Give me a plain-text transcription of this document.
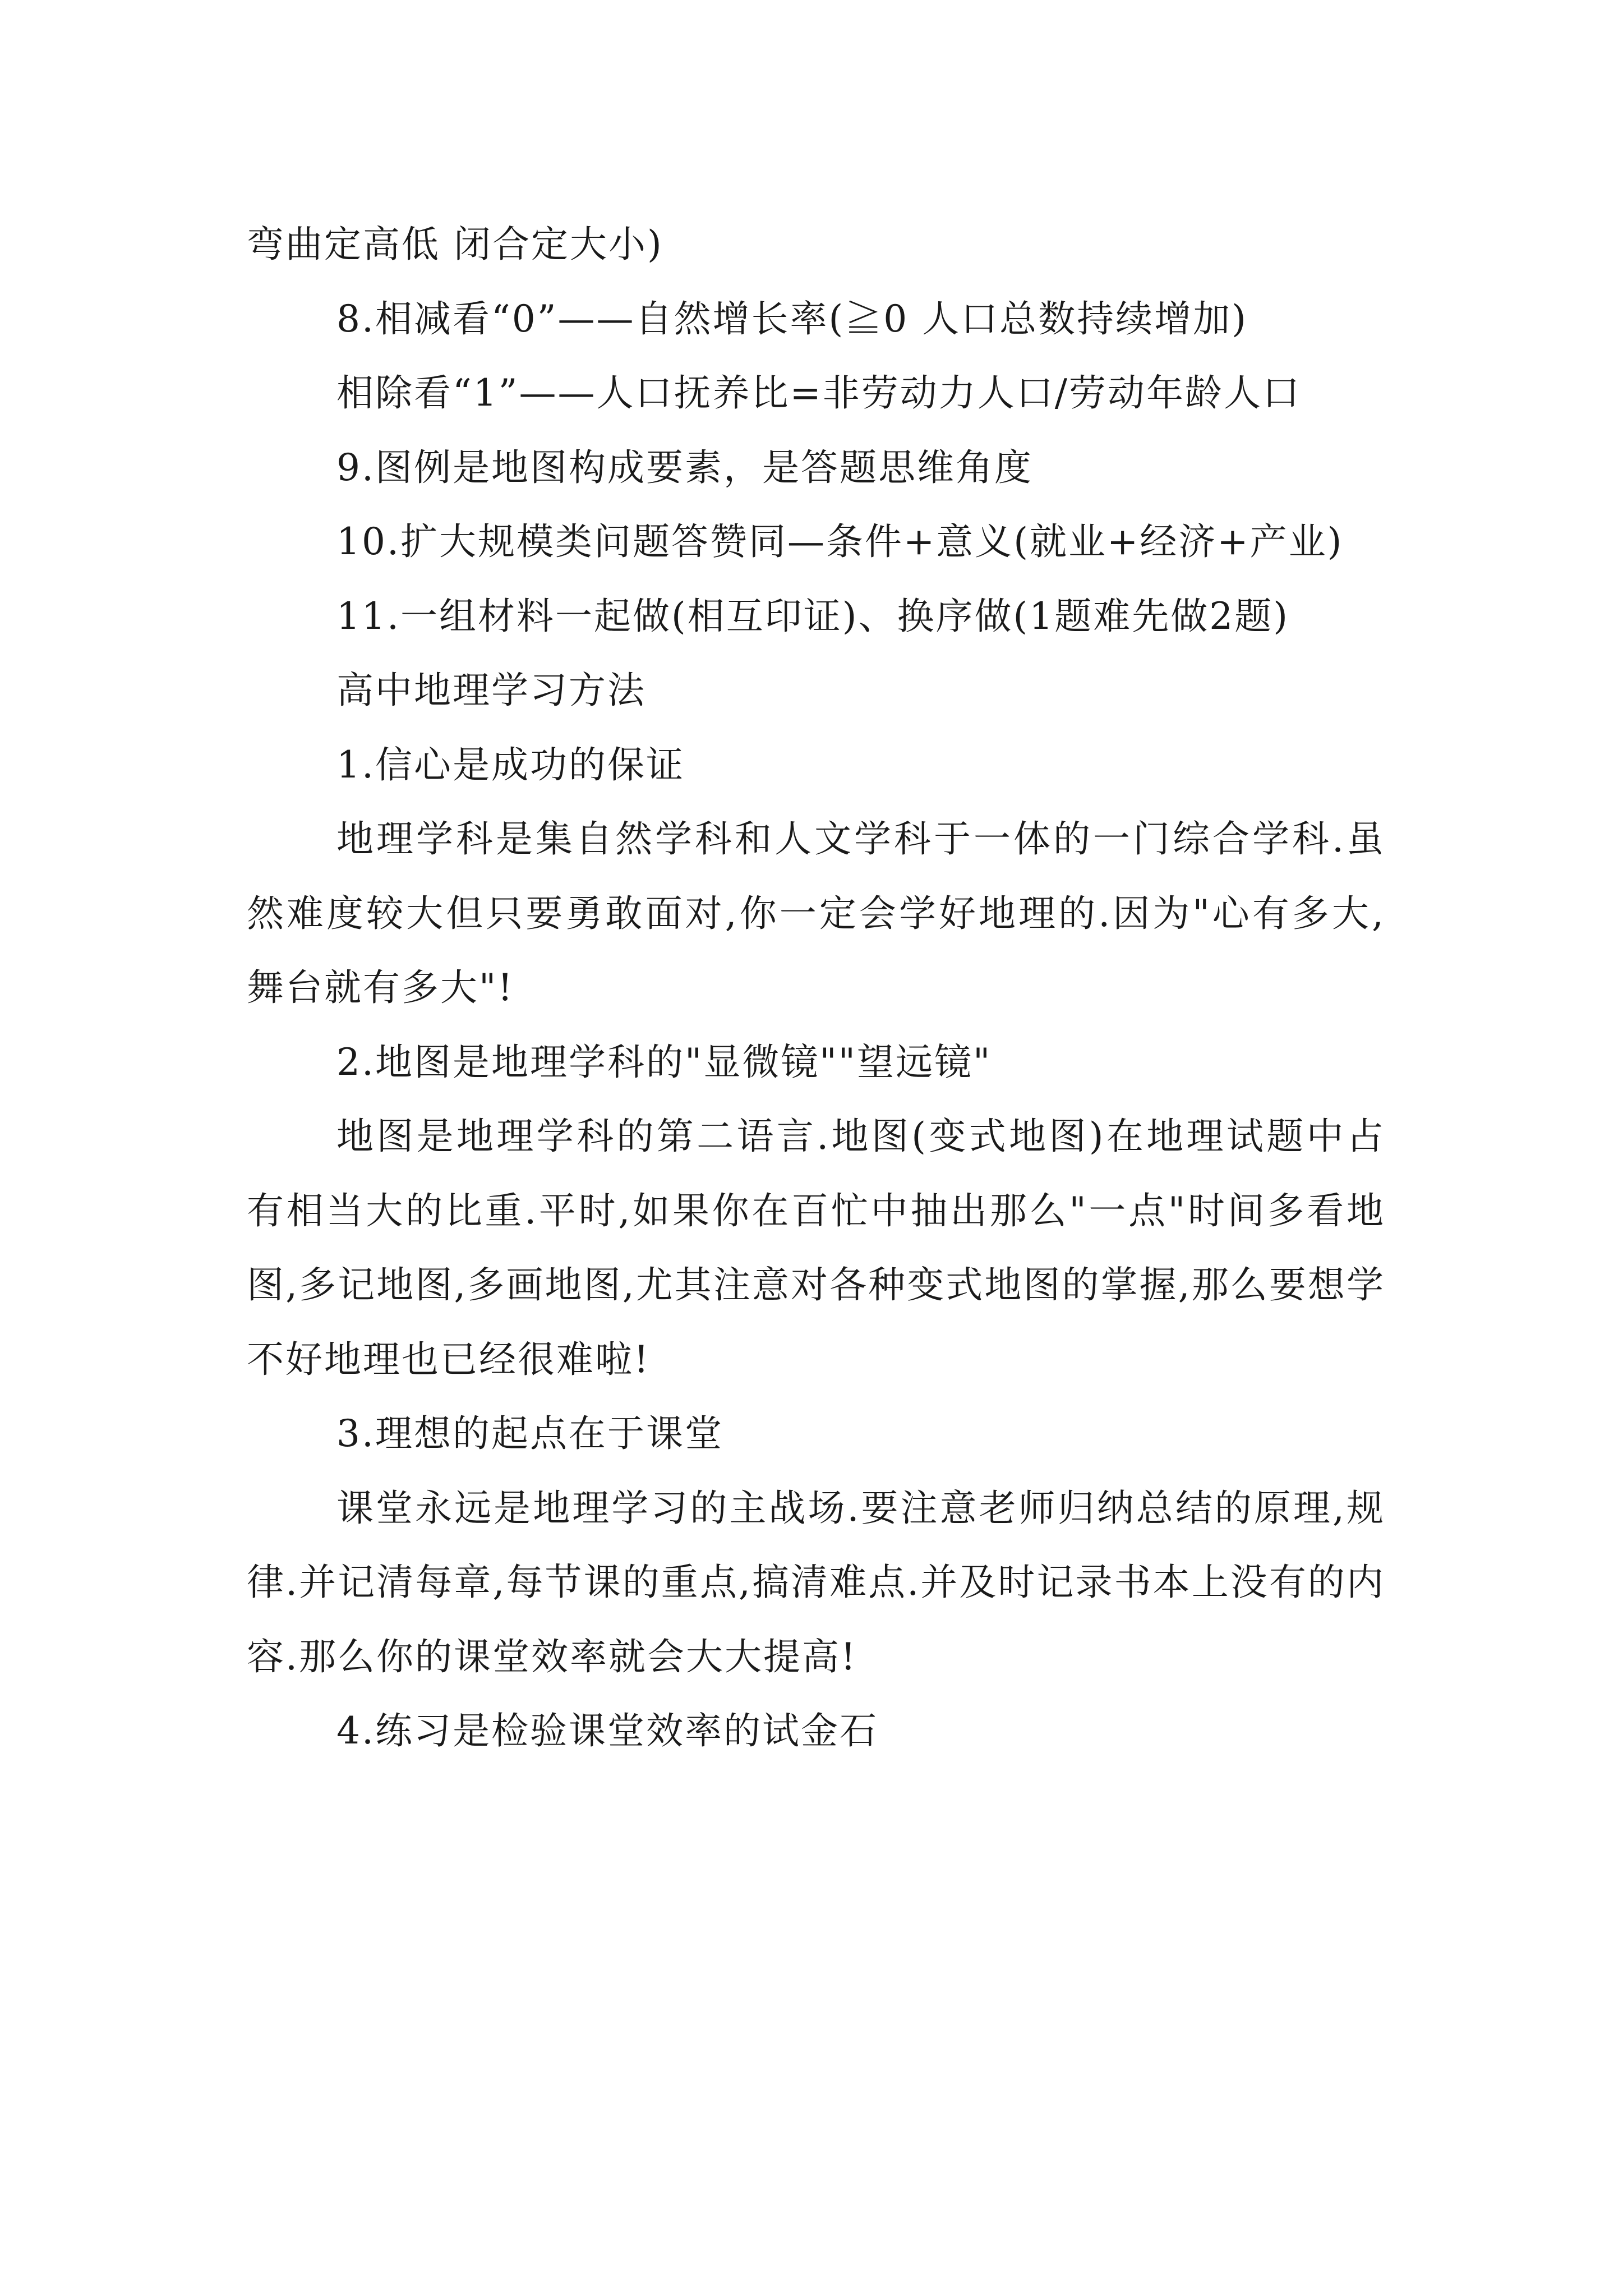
弯曲定高低 闭合定大小)

8.相减看“0”——自然增长率(≧0 人口总数持续增加)

相除看“1”——人口抚养比=非劳动力人口/劳动年龄人口

9.图例是地图构成要素，是答题思维角度

10.扩大规模类问题答赞同—条件+意义(就业+经济+产业)

11.一组材料一起做(相互印证)、换序做(1题难先做2题)

高中地理学习方法

1.信心是成功的保证

地理学科是集自然学科和人文学科于一体的一门综合学科.虽然难度较大但只要勇敢面对,你一定会学好地理的.因为"心有多大,舞台就有多大"!

2.地图是地理学科的"显微镜""望远镜"

地图是地理学科的第二语言.地图(变式地图)在地理试题中占有相当大的比重.平时,如果你在百忙中抽出那么"一点"时间多看地图,多记地图,多画地图,尤其注意对各种变式地图的掌握,那么要想学不好地理也已经很难啦!

3.理想的起点在于课堂

课堂永远是地理学习的主战场.要注意老师归纳总结的原理,规律.并记清每章,每节课的重点,搞清难点.并及时记录书本上没有的内容.那么你的课堂效率就会大大提高!

4.练习是检验课堂效率的试金石
